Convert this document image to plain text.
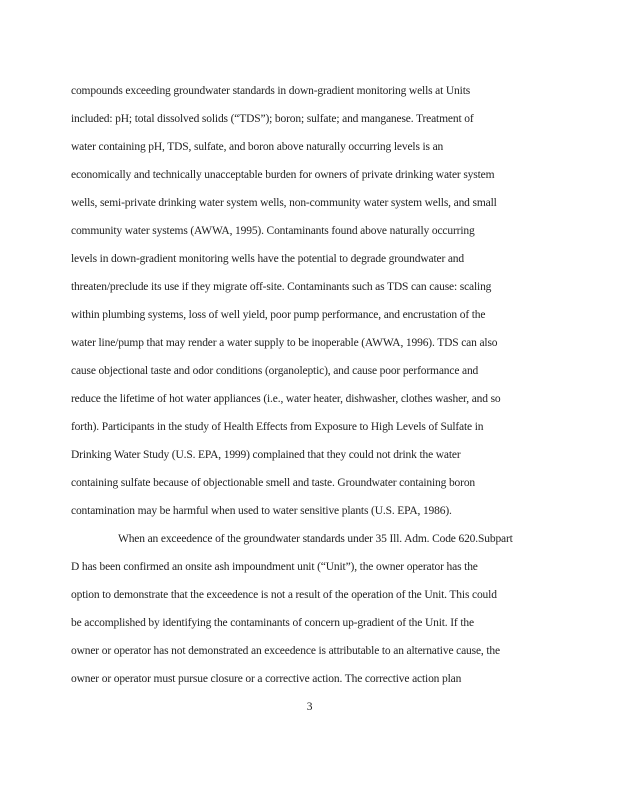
compounds exceeding groundwater standards in down-gradient monitoring wells at Units
included: pH; total dissolved solids (“TDS”); boron; sulfate; and manganese. Treatment of
water containing pH, TDS, sulfate, and boron above naturally occurring levels is an
economically and technically unacceptable burden for owners of private drinking water system
wells, semi-private drinking water system wells, non-community water system wells, and small
community water systems (AWWA, 1995). Contaminants found above naturally occurring
levels in down-gradient monitoring wells have the potential to degrade groundwater and
threaten/preclude its use if they migrate off-site. Contaminants such as TDS can cause: scaling
within plumbing systems, loss of well yield, poor pump performance, and encrustation of the
water line/pump that may render a water supply to be inoperable (AWWA, 1996). TDS can also
cause objectional taste and odor conditions (organoleptic), and cause poor performance and
reduce the lifetime of hot water appliances (i.e., water heater, dishwasher, clothes washer, and so
forth). Participants in the study of Health Effects from Exposure to High Levels of Sulfate in
Drinking Water Study (U.S. EPA, 1999) complained that they could not drink the water
containing sulfate because of objectionable smell and taste. Groundwater containing boron
contamination may be harmful when used to water sensitive plants (U.S. EPA, 1986).
When an exceedence of the groundwater standards under 35 Ill. Adm. Code 620.Subpart
D has been confirmed an onsite ash impoundment unit (“Unit”), the owner operator has the
option to demonstrate that the exceedence is not a result of the operation of the Unit. This could
be accomplished by identifying the contaminants of concern up-gradient of the Unit. If the
owner or operator has not demonstrated an exceedence is attributable to an alternative cause, the
owner or operator must pursue closure or a corrective action. The corrective action plan
3
